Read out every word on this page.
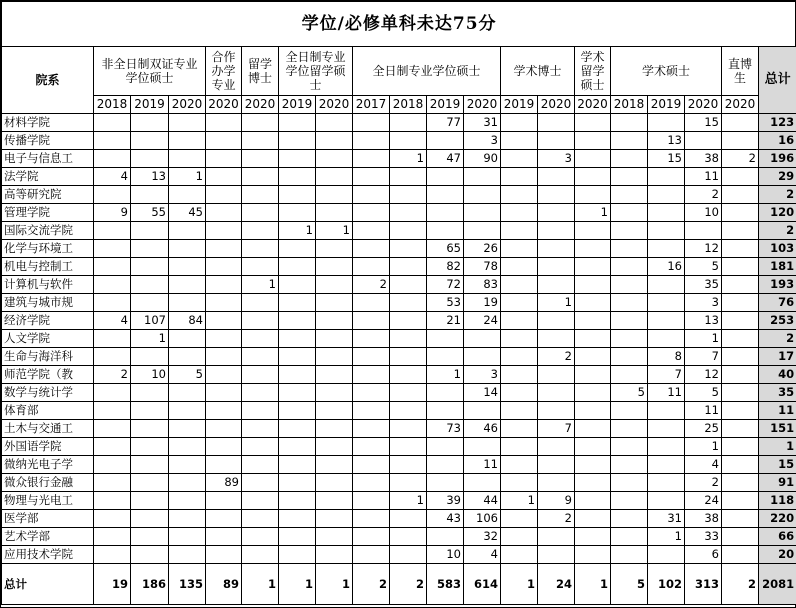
学位/必修单科未达75分																			
院系	非全日制双证专业学位硕士			合作办学专业	留学博士	全日制专业学位留学硕士		全日制专业学位硕士				学术博士		学术留学硕士	学术硕士			直博生	总计
	2018	2019	2020	2020	2020	2019	2020	2017	2018	2019	2020	2019	2020	2020	2018	2019	2020	2020	
材料学院										77	31						15		123
传播学院											3					13			16
电子与信息工									1	47	90		3			15	38	2	196
法学院	4	13	1														11		29
高等研究院																	2		2
管理学院	9	55	45											1			10		120
国际交流学院						1	1												2
化学与环境工										65	26						12		103
机电与控制工										82	78					16	5		181
计算机与软件					1			2		72	83						35		193
建筑与城市规										53	19		1				3		76
经济学院	4	107	84							21	24						13		253
人文学院		1															1		2
生命与海洋科													2			8	7		17
师范学院（教	2	10	5							1	3					7	12		40
数学与统计学											14				5	11	5		35
体育部																	11		11
土木与交通工										73	46		7				25		151
外国语学院																	1		1
微纳光电子学											11						4		15
微众银行金融				89													2		91
物理与光电工									1	39	44	1	9				24		118
医学部										43	106		2			31	38		220
艺术学部											32					1	33		66
应用技术学院										10	4						6		20
总计	19	186	135	89	1	1	1	2	2	583	614	1	24	1	5	102	313	2	2081
